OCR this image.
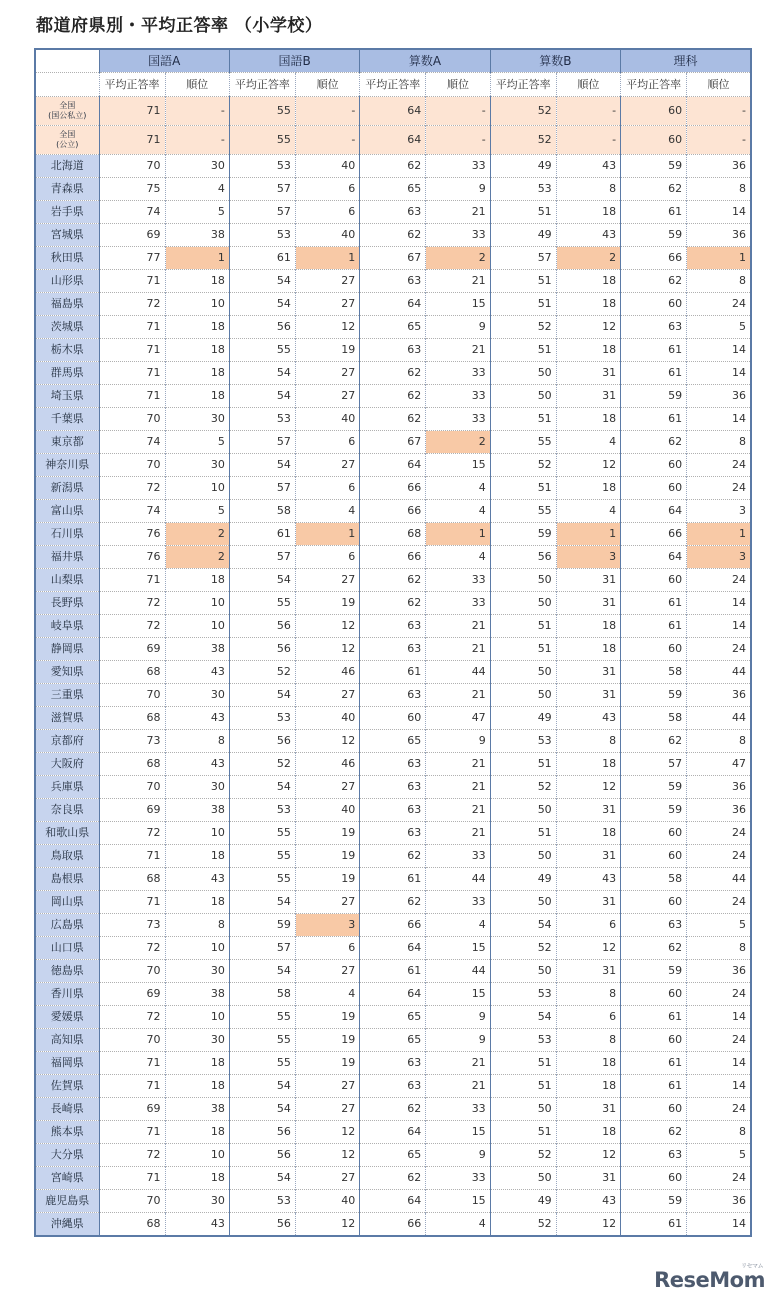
都道府県別・平均正答率 （小学校）
	国語A		国語B		算数A		算数B		理科	
	平均正答率	順位	平均正答率	順位	平均正答率	順位	平均正答率	順位	平均正答率	順位

全国
(国公私立)	71	-	55	-	64	-	52	-	60	-

全国
(公立)	71	-	55	-	64	-	52	-	60	-
北海道	70	30	53	40	62	33	49	43	59	36
青森県	75	4	57	6	65	9	53	8	62	8
岩手県	74	5	57	6	63	21	51	18	61	14
宮城県	69	38	53	40	62	33	49	43	59	36
秋田県	77	1	61	1	67	2	57	2	66	1
山形県	71	18	54	27	63	21	51	18	62	8
福島県	72	10	54	27	64	15	51	18	60	24
茨城県	71	18	56	12	65	9	52	12	63	5
栃木県	71	18	55	19	63	21	51	18	61	14
群馬県	71	18	54	27	62	33	50	31	61	14
埼玉県	71	18	54	27	62	33	50	31	59	36
千葉県	70	30	53	40	62	33	51	18	61	14
東京都	74	5	57	6	67	2	55	4	62	8
神奈川県	70	30	54	27	64	15	52	12	60	24
新潟県	72	10	57	6	66	4	51	18	60	24
富山県	74	5	58	4	66	4	55	4	64	3
石川県	76	2	61	1	68	1	59	1	66	1
福井県	76	2	57	6	66	4	56	3	64	3
山梨県	71	18	54	27	62	33	50	31	60	24
長野県	72	10	55	19	62	33	50	31	61	14
岐阜県	72	10	56	12	63	21	51	18	61	14
静岡県	69	38	56	12	63	21	51	18	60	24
愛知県	68	43	52	46	61	44	50	31	58	44
三重県	70	30	54	27	63	21	50	31	59	36
滋賀県	68	43	53	40	60	47	49	43	58	44
京都府	73	8	56	12	65	9	53	8	62	8
大阪府	68	43	52	46	63	21	51	18	57	47
兵庫県	70	30	54	27	63	21	52	12	59	36
奈良県	69	38	53	40	63	21	50	31	59	36
和歌山県	72	10	55	19	63	21	51	18	60	24
鳥取県	71	18	55	19	62	33	50	31	60	24
島根県	68	43	55	19	61	44	49	43	58	44
岡山県	71	18	54	27	62	33	50	31	60	24
広島県	73	8	59	3	66	4	54	6	63	5
山口県	72	10	57	6	64	15	52	12	62	8
徳島県	70	30	54	27	61	44	50	31	59	36
香川県	69	38	58	4	64	15	53	8	60	24
愛媛県	72	10	55	19	65	9	54	6	61	14
高知県	70	30	55	19	65	9	53	8	60	24
福岡県	71	18	55	19	63	21	51	18	61	14
佐賀県	71	18	54	27	63	21	51	18	61	14
長崎県	69	38	54	27	62	33	50	31	60	24
熊本県	71	18	56	12	64	15	51	18	62	8
大分県	72	10	56	12	65	9	52	12	63	5
宮崎県	71	18	54	27	62	33	50	31	60	24
鹿児島県	70	30	53	40	64	15	49	43	59	36
沖縄県	68	43	56	12	66	4	52	12	61	14
ReseMom
リセマム
